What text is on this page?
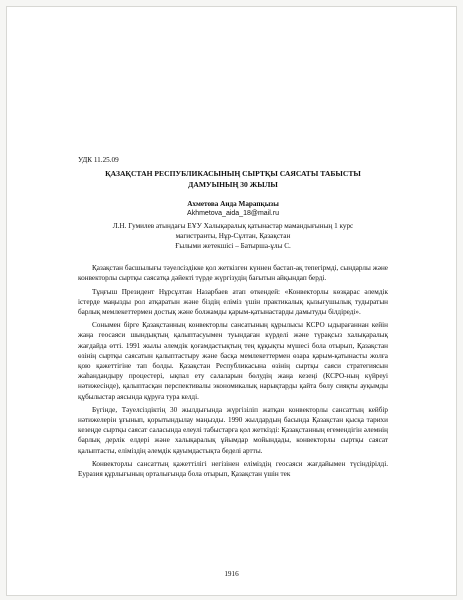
УДК 11.25.09

ҚАЗАҚСТАН РЕСПУБЛИКАСЫНЫҢ СЫРТҚЫ САЯСАТЫ ТАБЫСТЫ
ДАМУЫНЫҢ 30 ЖЫЛЫ

Ахметова Аида Марапқызы

Akhmetova_aida_18@mail.ru

Л.Н. Гумилев атындағы ЕҰУ Халықаралық қатынастар мамандығының 1 курс
магистранты, Нұр-Сұлтан, Қазақстан

Ғылыми жетекшісі – Батырша-ұлы С.

Қазақстан басшылығы тәуелсіздікке қол жеткізген күннен бастап-ақ тепегірмді, сындарлы және конвекторлы сыртқы саясатқа дәйекті түрде жүргізудің бағытын айқындап берді.

Тұңғыш Президент Нұрсұлтан Назарбаев атап өткендей: «Конвекторлы көзқарас әлемдік істерде маңызды рол атқаратын және біздің еліміз үшін практикалық қызығушылық тудыратын барлық мемлекеттермен достық және болжамды қарым-қатынастарды дамытуды білдіреді».

Сонымен бірге Қазақстанның конвекторлы сансатының құрылысы КСРО ыдырағаннан кейін жаңа геосаяси шындықтың қалыптасуымен туындаған күрделі және түрақсыз халықаралық жағдайда өтті. 1991 жылы әлемдік қоғамдастықтың тең құқықты мүшесі бола отырып, Қазақстан өзінің сыртқы саясатын қалыптастыру және басқа мемлекеттермен өзара қарым-қатынасты жолға қою қажеттігіне тап болды. Қазақстан Республикасына өзінің сыртқы саяси стратегиясын жаһандандыру процестері, ықпал ету салаларын бөлудің жаңа кезеңі (КСРО-ның күйреуі нәтижесінде), қалыптасқан перспективалы экономикалық нарықтарды қайта бөлу сияқты ауқымды құбылыстар аясында құруға тура келді.

Бүгінде, Тәуелсіздіктің 30 жылдығында жүргізіліп жатқан конвекторлы сансаттың кейбір нәтижелерін ұғынып, қорытындылау маңызды. 1990 жылдардың басында Қазақстан қысқа тарихи кезеңде сыртқы саясат саласында елеулі табыстарға қол жеткізді: Қазақстанның егемендігін әлемнің барлық дерлік елдері және халықаралық ұйымдар мойындады, конвекторлы сыртқы саясат қалыптасты, еліміздің әлемдік қауымдастықта беделі артты.

Конвекторлы сансаттың қажеттілігі негізінен еліміздің геосаяси жағдайымен түсіндірілді. Еуразия құрлығының орталығында бола отырып, Қазақстан үшін тек

1916
